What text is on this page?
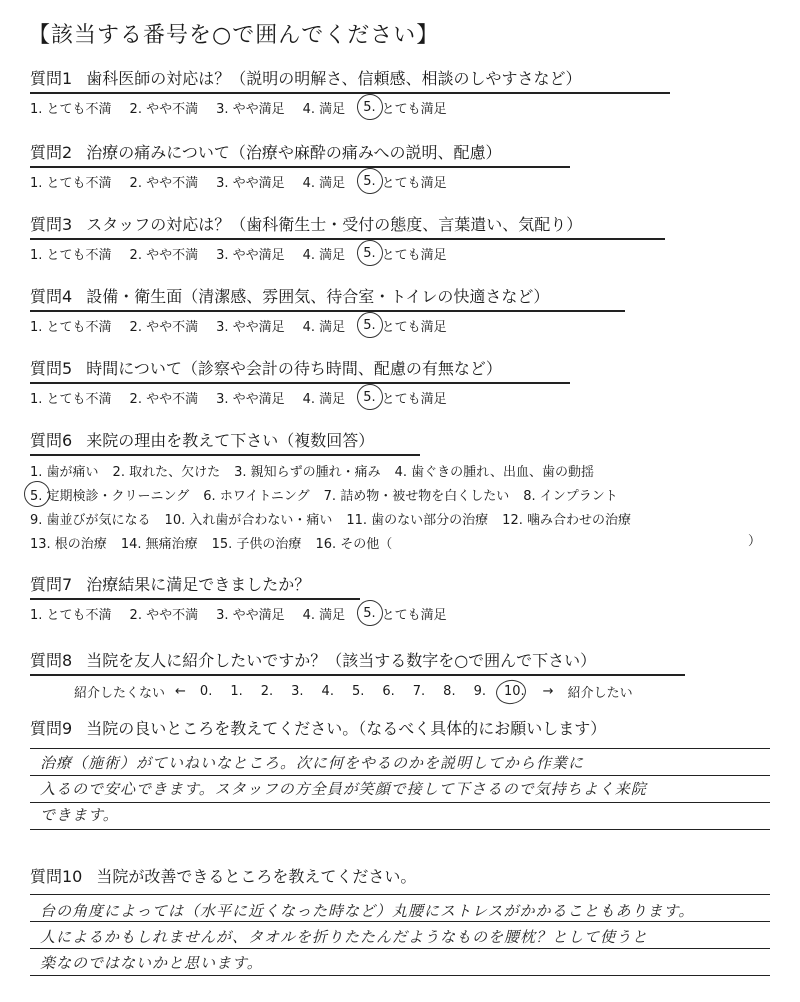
【該当する番号を○で囲んでください】
質問1 歯科医師の対応は？（説明の明解さ、信頼感、相談のしやすさなど）
1. とても不満 2. やや不満 3. やや満足 4. 満足 5. とても満足
質問2 治療の痛みについて（治療や麻酔の痛みへの説明、配慮）
1. とても不満 2. やや不満 3. やや満足 4. 満足 5. とても満足
質問3 スタッフの対応は？（歯科衛生士・受付の態度、言葉遣い、気配り）
1. とても不満 2. やや不満 3. やや満足 4. 満足 5. とても満足
質問4 設備・衛生面（清潔感、雰囲気、待合室・トイレの快適さなど）
1. とても不満 2. やや不満 3. やや満足 4. 満足 5. とても満足
質問5 時間について（診察や会計の待ち時間、配慮の有無など）
1. とても不満 2. やや不満 3. やや満足 4. 満足 5. とても満足
質問6 来院の理由を教えて下さい（複数回答）
1. 歯が痛い 2. 取れた、欠けた 3. 親知らずの腫れ・痛み 4. 歯ぐきの腫れ、出血、歯の動揺
5. 定期検診・クリーニング	6. ホワイトニング 7. 詰め物・被せ物を白くしたい 8. インプラント
9. 歯並びが気になる 10. 入れ歯が合わない・痛い 11. 歯のない部分の治療 12. 噛み合わせの治療
13. 根の治療 14. 無痛治療 15. 子供の治療 16. その他（	）
質問7 治療結果に満足できましたか？
1. とても不満 2. やや不満 3. やや満足 4. 満足 5. とても満足
質問8 当院を友人に紹介したいですか？（該当する数字を○で囲んで下さい）
紹介したくない ← 0. 1. 2. 3. 4. 5. 6. 7. 8. 9. 10. → 紹介したい
質問9 当院の良いところを教えてください。（なるべく具体的にお願いします）
治療（施術）がていねいなところ。次に何をやるのかを説明してから作業に
入るので安心できます。スタッフの方全員が笑顔で接して下さるので気持ちよく来院
できます。
質問10 当院が改善できるところを教えてください。
台の角度によっては（水平に近くなった時など）丸腰にストレスがかかることもあります。
人によるかもしれませんが、タオルを折りたたんだようなものを腰枕？として使うと
楽なのではないかと思います。
